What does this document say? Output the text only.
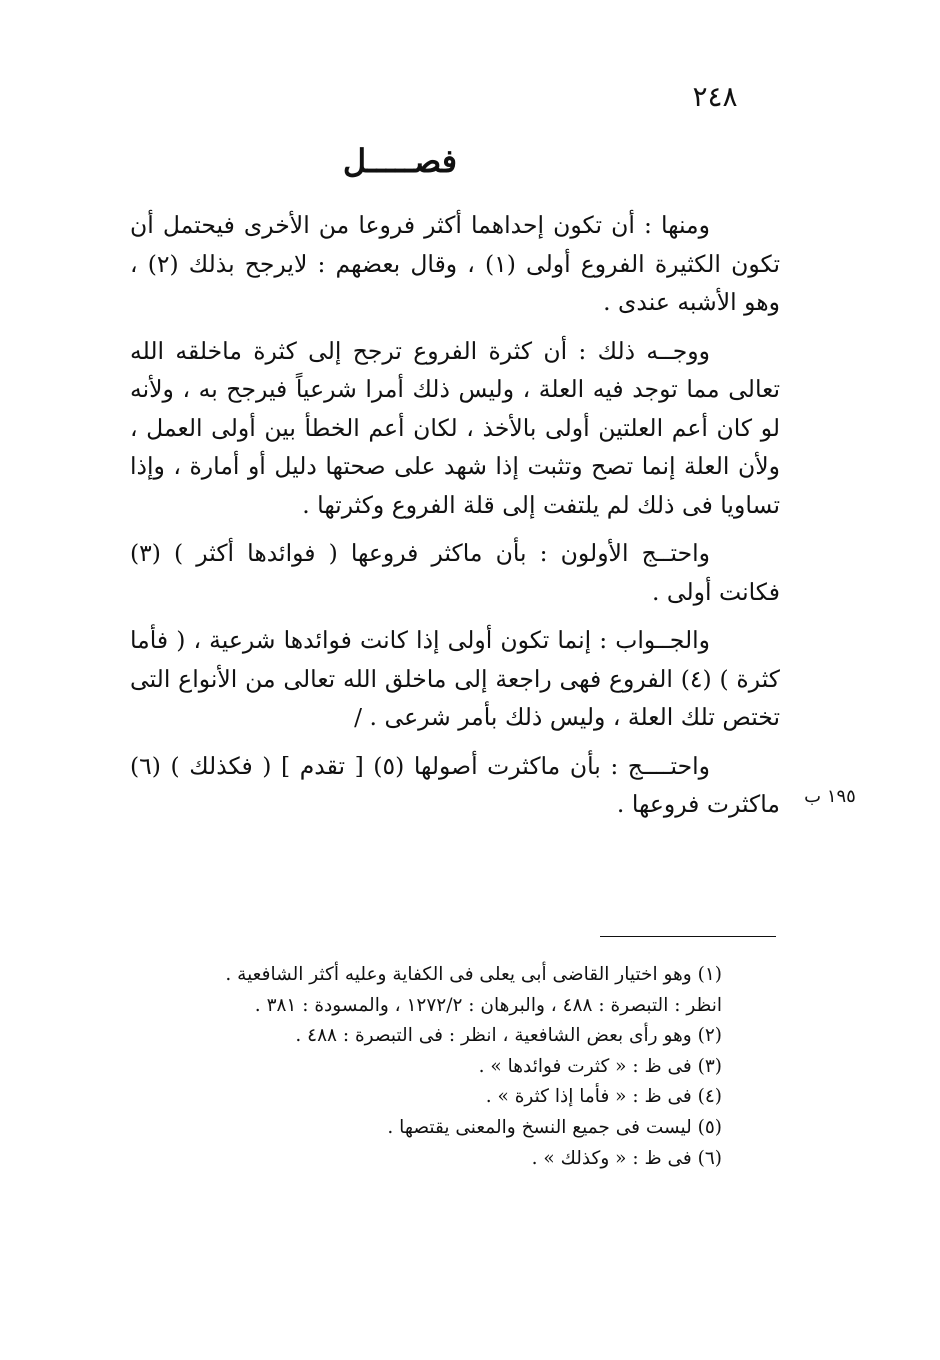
٢٤٨
فصـــــل

ومنها : أن تكون إحداهما أكثر فروعا من الأخرى فيحتمل أن تكون الكثيرة الفروع أولى (١) ، وقال بعضهم : لايرجح بذلك (٢) ، وهو الأشبه عندى .

ووجــه ذلك : أن كثرة الفروع ترجح إلى كثرة ماخلقه الله تعالى مما توجد فيه العلة ، وليس ذلك أمرا شرعياً فيرجح به ، ولأنه لو كان أعم العلتين أولى بالأخذ ، لكان أعم الخطأ بين أولى العمل ، ولأن العلة إنما تصح وتثبت إذا شهد على صحتها دليل أو أمارة ، وإذا تساويا فى ذلك لم يلتفت إلى قلة الفروع وكثرتها .

واحتــج الأولون : بأن ماكثر فروعها ( فوائدها أكثر ) (٣) فكانت أولى .

والجــواب : إنما تكون أولى إذا كانت فوائدها شرعية ، ( فأما كثرة ) (٤) الفروع فهى راجعة إلى ماخلق الله تعالى من الأنواع التى تختص تلك العلة ، وليس ذلك بأمر شرعى . /

واحتــــج : بأن ماكثرت أصولها (٥) [ تقدم ] ( فكذلك ) (٦) ماكثرت فروعها . ١٩٥ ب

(١) وهو اختيار القاضى أبى يعلى فى الكفاية وعليه أكثر الشافعية .

انظر : التبصرة : ٤٨٨ ، والبرهان : ١٢٧٢/٢ ، والمسودة : ٣٨١ .

(٢) وهو رأى بعض الشافعية ، انظر : فى التبصرة : ٤٨٨ .

(٣) فى ظ : « كثرت فوائدها » .

(٤) فى ظ : « فأما إذا كثرة » .

(٥) ليست فى جميع النسخ والمعنى يقتصها .

(٦) فى ظ : « وكذلك » .
